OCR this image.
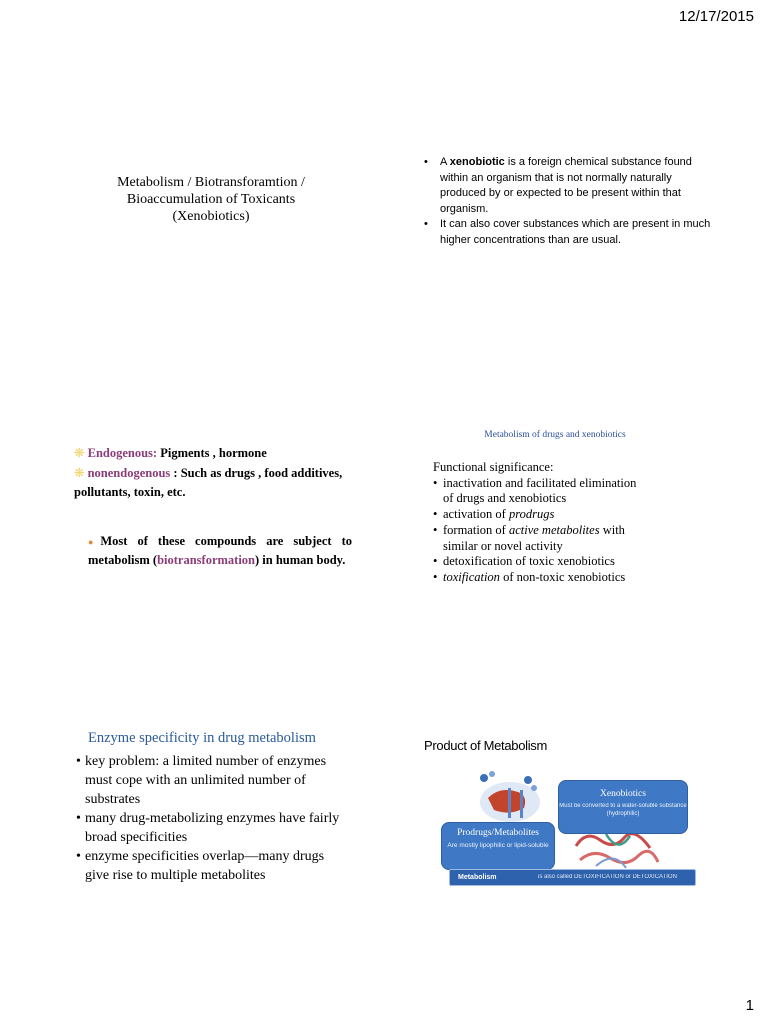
12/17/2015
Metabolism / Biotransforamtion /
Bioaccumulation of Toxicants
(Xenobiotics)
• A xenobiotic is a foreign chemical substance found within an organism that is not normally naturally produced by or expected to be present within that organism.
• It can also cover substances which are present in much higher concentrations than are usual.
❋ Endogenous: Pigments , hormone
❋ nonendogenous : Such as drugs , food additives, pollutants, toxin, etc.
●Most of these compounds are subject to metabolism (biotransformation) in human body.
Metabolism of drugs and xenobiotics
Functional significance:
• inactivation and facilitated elimination
of drugs and xenobiotics
• activation of prodrugs
• formation of active metabolites with
similar or novel activity
• detoxification of toxic xenobiotics
• toxification of non-toxic xenobiotics
Enzyme specificity in drug metabolism
• key problem: a limited number of enzymes must cope with an unlimited number of substrates
• many drug-metabolizing enzymes have fairly broad specificities
• enzyme specificities overlap—many drugs give rise to multiple metabolites
Product of Metabolism
Xenobiotics
Must be converted to a water-soluble substance (hydrophilic)
Prodrugs/Metabolites
Are mostly lipophilic or lipid-soluble
Metabolism	is also called DETOXIFICATION or DETOXICATION
1
